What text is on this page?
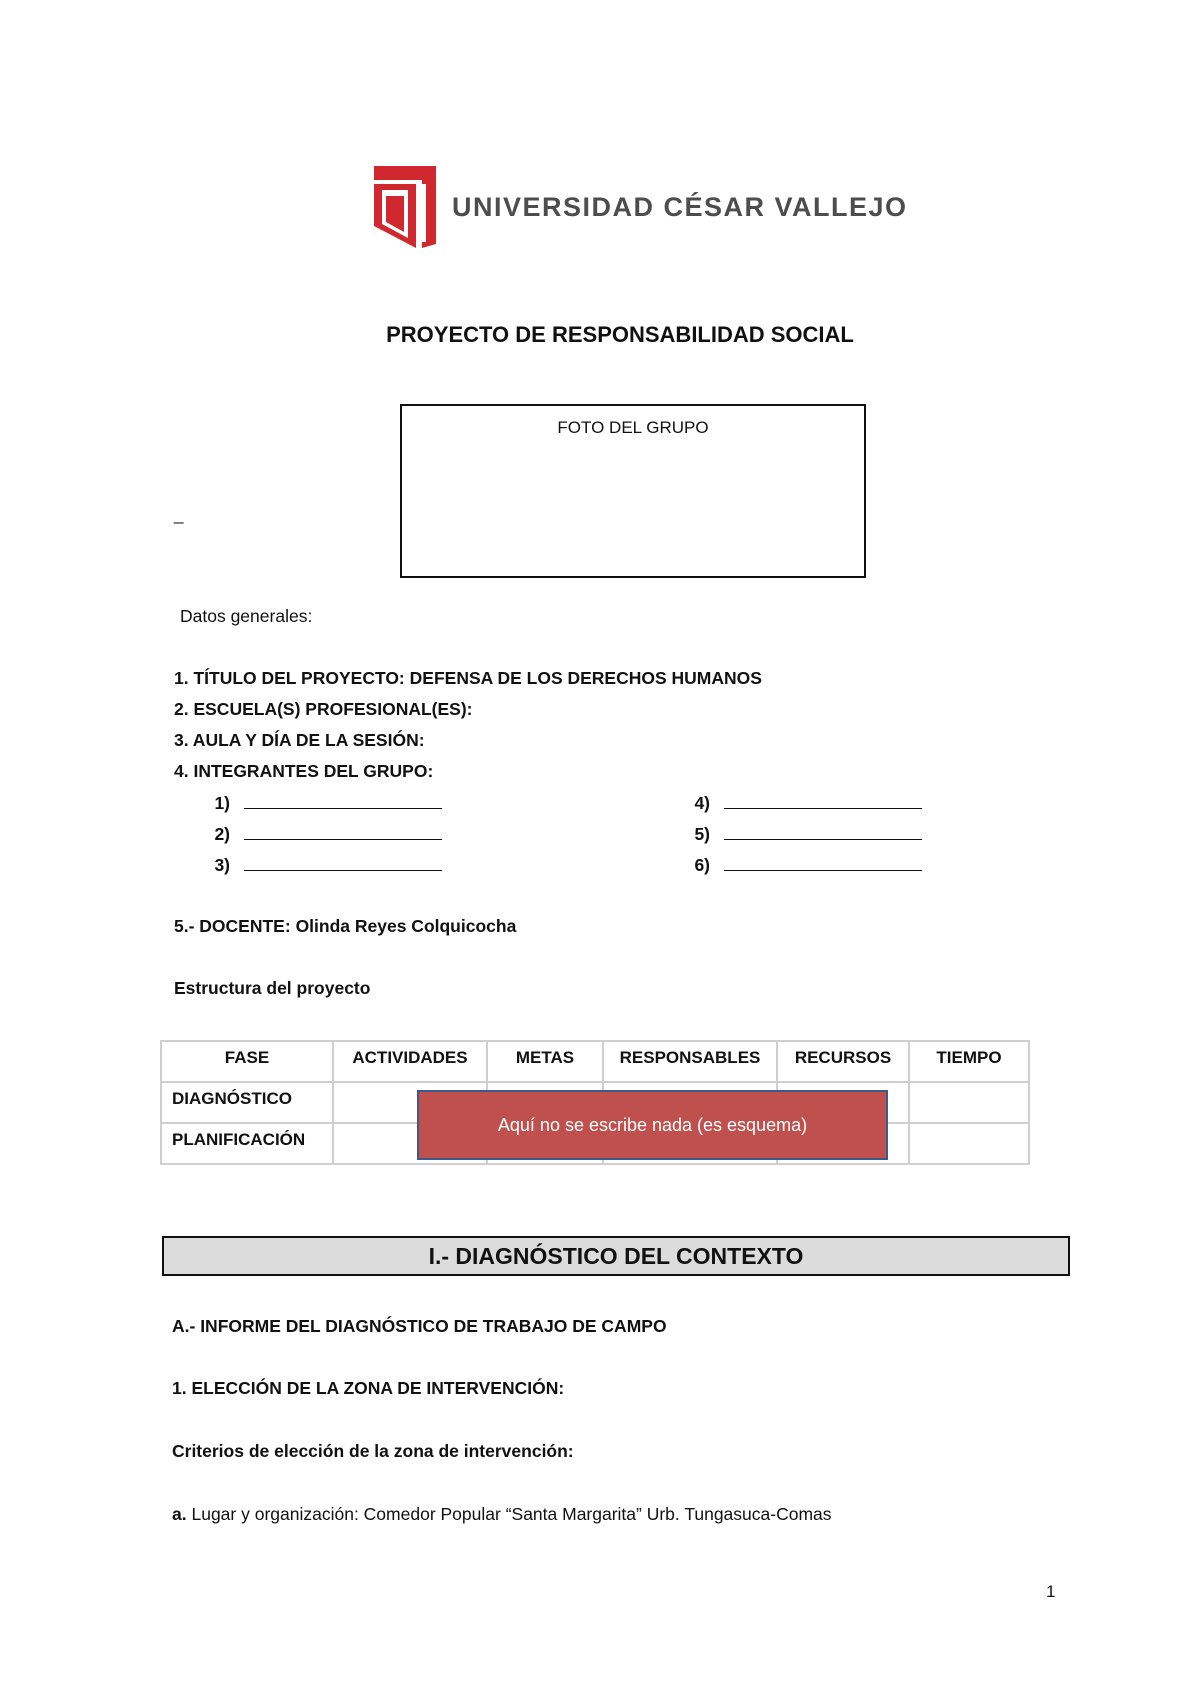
UNIVERSIDAD CÉSAR VALLEJO
PROYECTO DE RESPONSABILIDAD SOCIAL
FOTO DEL GRUPO
_
Datos generales:
1. TÍTULO DEL PROYECTO: DEFENSA DE LOS DERECHOS HUMANOS
2. ESCUELA(S) PROFESIONAL(ES):
3. AULA Y DÍA DE LA SESIÓN:
4. INTEGRANTES DEL GRUPO:
1)
2)
3)
4)
5)
6)
5.- DOCENTE: Olinda Reyes Colquicocha
Estructura del proyecto
FASE	ACTIVIDADES	METAS	RESPONSABLES	RECURSOS	TIEMPO
DIAGNÓSTICO					
PLANIFICACIÓN					
Aquí no se escribe nada (es esquema)
I.- DIAGNÓSTICO DEL CONTEXTO
A.- INFORME DEL DIAGNÓSTICO DE TRABAJO DE CAMPO
1. ELECCIÓN DE LA ZONA DE INTERVENCIÓN:
Criterios de elección de la zona de intervención:
a. Lugar y organización: Comedor Popular “Santa Margarita” Urb. Tungasuca-Comas
1
